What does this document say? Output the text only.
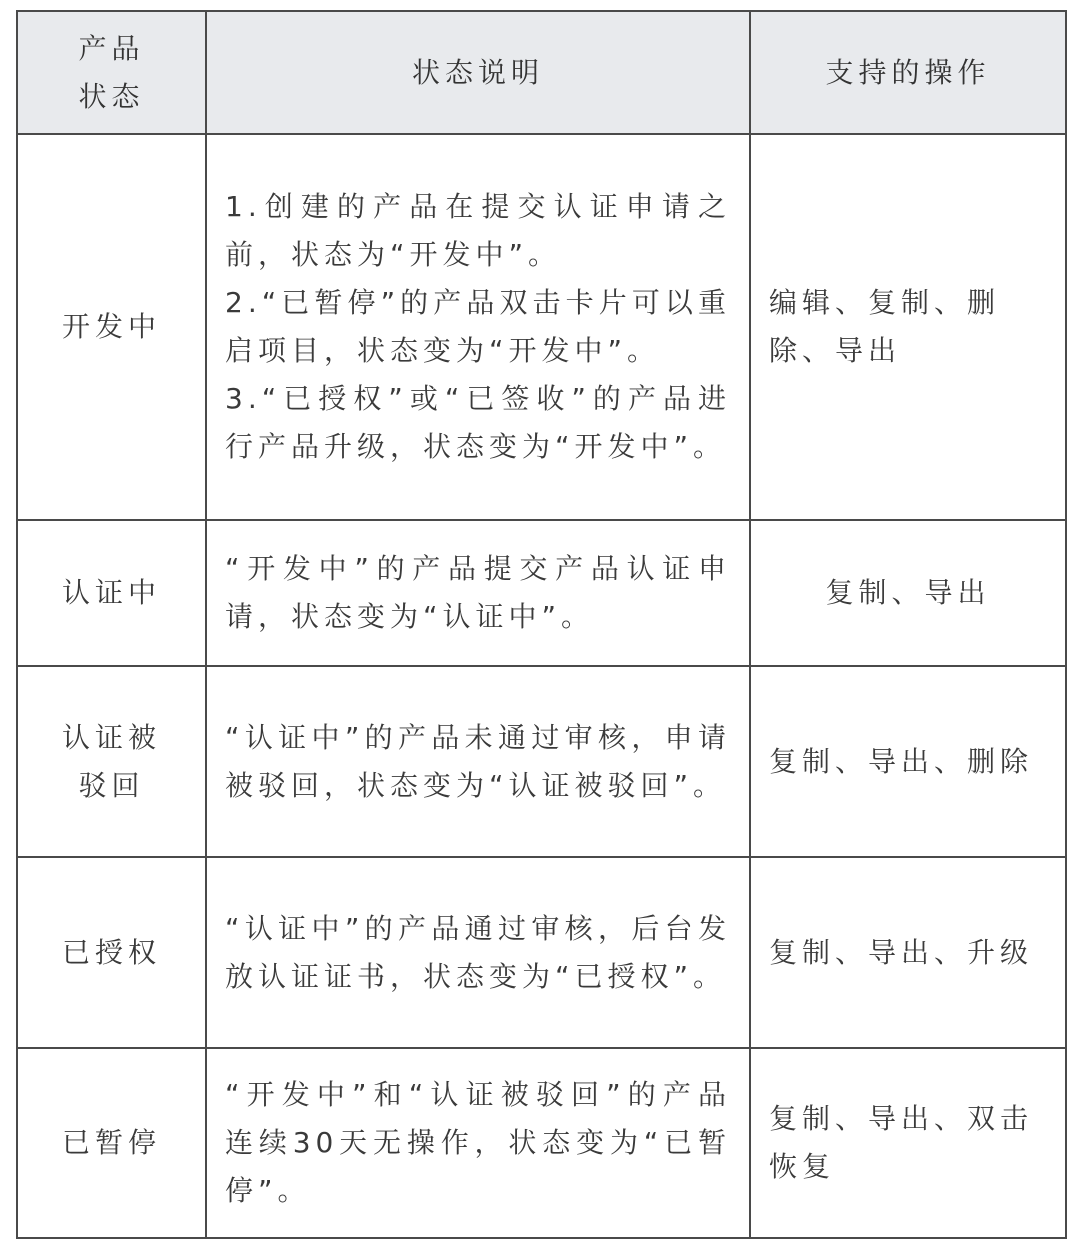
产品状态	状态说明	支持的操作
开发中	1.创建的产品在提交认证申请之前，状态为“开发中”。
2.“已暂停”的产品双击卡片可以重启项目，状态变为“开发中”。
3.“已授权”或“已签收”的产品进行产品升级，状态变为“开发中”。	编辑、复制、删除、导出
认证中	“开发中”的产品提交产品认证申请，状态变为“认证中”。	复制、导出
认证被驳回	“认证中”的产品未通过审核，申请被驳回，状态变为“认证被驳回”。	复制、导出、删除
已授权	“认证中”的产品通过审核，后台发放认证证书，状态变为“已授权”。	复制、导出、升级
已暂停	“开发中”和“认证被驳回”的产品连续30天无操作，状态变为“已暂停”。	复制、导出、双击恢复
